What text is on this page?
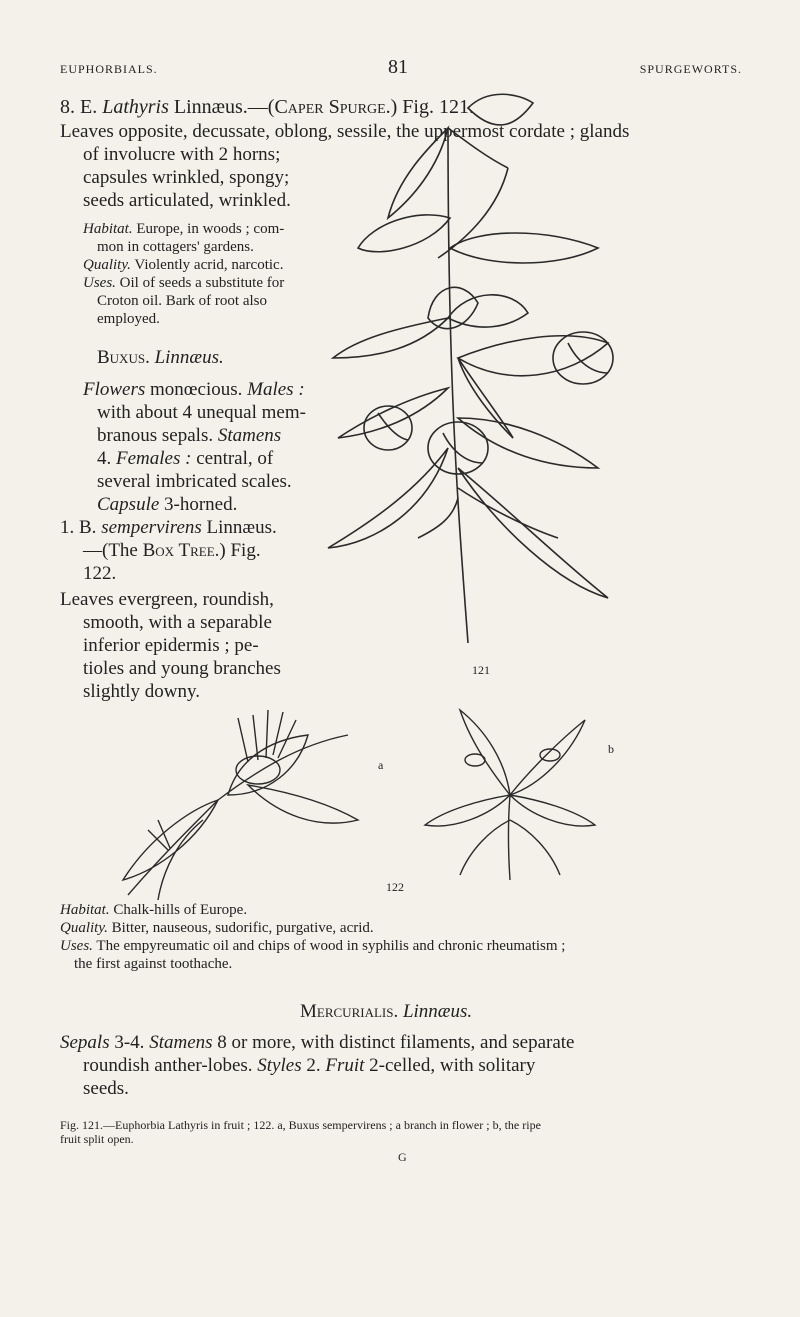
EUPHORBIALS.	81	SPURGEWORTS.
8. E. Lathyris Linnæus.—(Caper Spurge.) Fig. 121.

Leaves opposite, decussate, oblong, sessile, the uppermost cordate ; glands

of involucre with 2 horns;

capsules wrinkled, spongy;

seeds articulated, wrinkled.

Habitat. Europe, in woods ; com-

mon in cottagers' gardens.

Quality. Violently acrid, narcotic.

Uses. Oil of seeds a substitute for

Croton oil. Bark of root also

employed.

Buxus. Linnæus.

Flowers monœcious. Males :

with about 4 unequal mem-

branous sepals. Stamens

4. Females : central, of

several imbricated scales.

Capsule 3-horned.

1. B. sempervirens Linnæus.

—(The Box Tree.) Fig.

122.

Leaves evergreen, roundish,

smooth, with a separable

inferior epidermis ; pe-

tioles and young branches

slightly downy.

121
a
b
122

Habitat. Chalk-hills of Europe.

Quality. Bitter, nauseous, sudorific, purgative, acrid.

Uses. The empyreumatic oil and chips of wood in syphilis and chronic rheumatism ;

the first against toothache.

Mercurialis. Linnæus.

Sepals 3-4. Stamens 8 or more, with distinct filaments, and separate

roundish anther-lobes. Styles 2. Fruit 2-celled, with solitary

seeds.

Fig. 121.—Euphorbia Lathyris in fruit ; 122. a, Buxus sempervirens ; a branch in flower ; b, the ripe
fruit split open.
G
